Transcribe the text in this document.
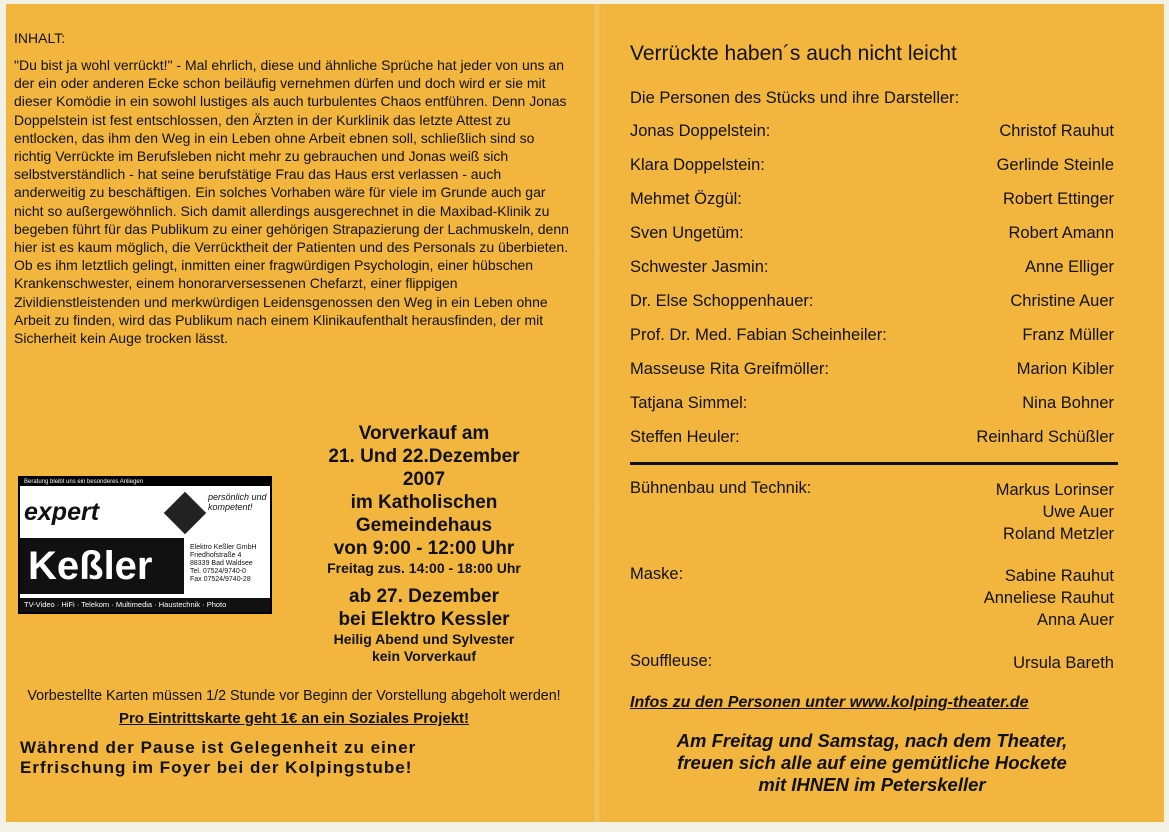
INHALT:

"Du bist ja wohl verrückt!" - Mal ehrlich, diese und ähnliche Sprüche hat jeder von uns an der ein oder anderen Ecke schon beiläufig vernehmen dürfen und doch wird er sie mit dieser Komödie in ein sowohl lustiges als auch turbulentes Chaos entführen. Denn Jonas Doppelstein ist fest entschlossen, den Ärzten in der Kurklinik das letzte Attest zu entlocken, das ihm den Weg in ein Leben ohne Arbeit ebnen soll, schließlich sind so richtig Verrückte im Berufsleben nicht mehr zu gebrauchen und Jonas weiß sich selbstverständlich - hat seine berufstätige Frau das Haus erst verlassen - auch anderweitig zu beschäftigen. Ein solches Vorhaben wäre für viele im Grunde auch gar nicht so außergewöhnlich. Sich damit allerdings ausgerechnet in die Maxibad-Klinik zu begeben führt für das Publikum zu einer gehörigen Strapazierung der Lachmuskeln, denn hier ist es kaum möglich, die Verrücktheit der Patienten und des Personals zu überbieten. Ob es ihm letztlich gelingt, inmitten einer fragwürdigen Psychologin, einer hübschen Krankenschwester, einem honorarversessenen Chefarzt, einer flippigen Zivildienstleistenden und merkwürdigen Leidensgenossen den Weg in ein Leben ohne Arbeit zu finden, wird das Publikum nach einem Klinikaufenthalt herausfinden, der mit Sicherheit kein Auge trocken lässt.

Beratung bleibt uns ein besonderes Anliegen
expert
persönlich und kompetent!
Keßler	Elektro Keßler GmbH
Friedhofstraße 4
88339 Bad Waldsee
Tel. 07524/9740-0
Fax 07524/9740-28
TV-Video · HiFi · Telekom · Multimedia · Haustechnik · Photo
Vorverkauf am
21. Und 22.Dezember
2007
im Katholischen
Gemeindehaus
von 9:00 - 12:00 Uhr
Freitag zus. 14:00 - 18:00 Uhr
ab 27. Dezember
bei Elektro Kessler
Heilig Abend und Sylvester
kein Vorverkauf
Vorbestellte Karten müssen 1/2 Stunde vor Beginn der Vorstellung abgeholt werden!
Pro Eintrittskarte geht 1€ an ein Soziales Projekt!
Während der Pause ist Gelegenheit zu einer
Erfrischung im Foyer bei der Kolpingstube!
Verrückte haben´s auch nicht leicht
Die Personen des Stücks und ihre Darsteller:
Jonas Doppelstein:	Christof Rauhut
Klara Doppelstein:	Gerlinde Steinle
Mehmet Özgül:	Robert Ettinger
Sven Ungetüm:	Robert Amann
Schwester Jasmin:	Anne Elliger
Dr. Else Schoppenhauer:	Christine Auer
Prof. Dr. Med. Fabian Scheinheiler:	Franz Müller
Masseuse Rita Greifmöller:	Marion Kibler
Tatjana Simmel:	Nina Bohner
Steffen Heuler:	Reinhard Schüßler
Bühnenbau und Technik:	Markus Lorinser
Uwe Auer
Roland Metzler
Maske:	Sabine Rauhut
Anneliese Rauhut
Anna Auer
Souffleuse:	Ursula Bareth
Infos zu den Personen unter www.kolping-theater.de
Am Freitag und Samstag, nach dem Theater,
freuen sich alle auf eine gemütliche Hockete
mit IHNEN im Peterskeller
